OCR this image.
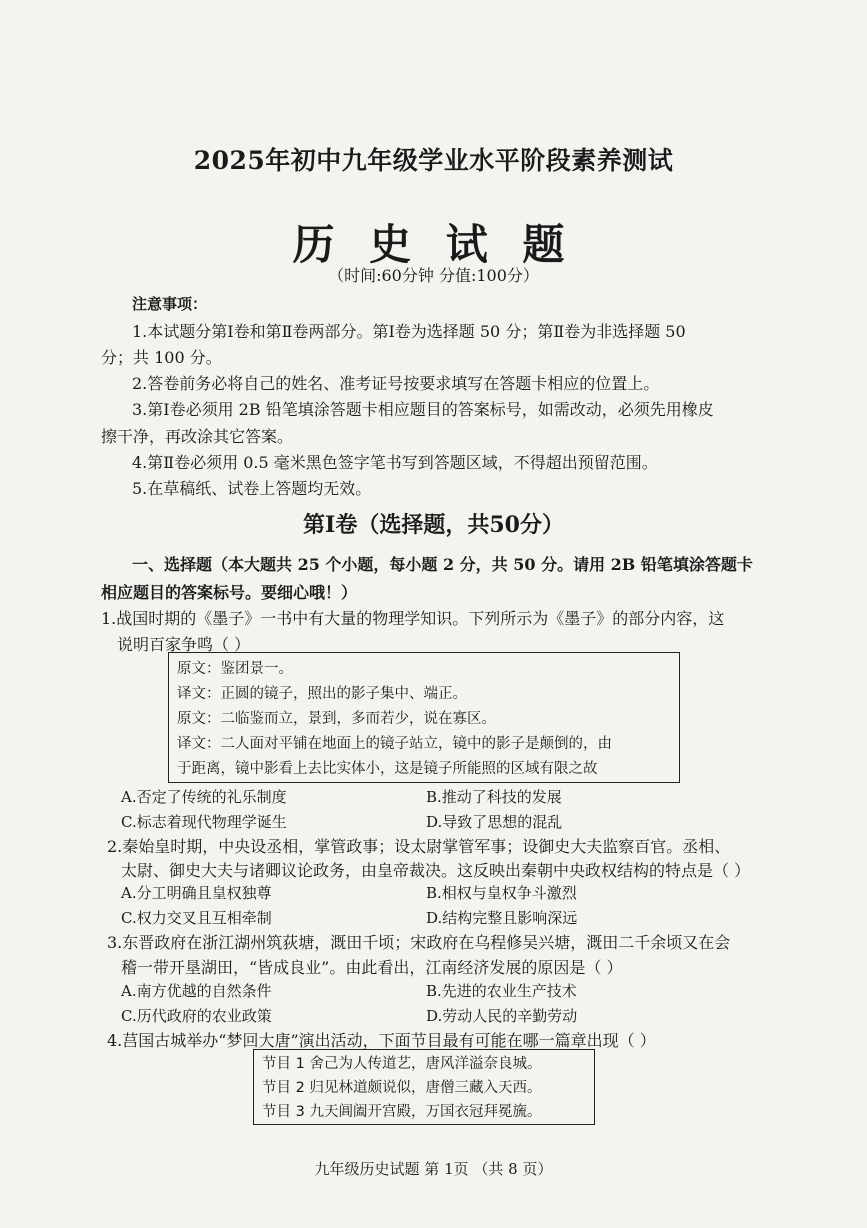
2025年初中九年级学业水平阶段素养测试
历 史 试 题
（时间:60分钟 分值:100分）
注意事项：
1.本试题分第Ⅰ卷和第Ⅱ卷两部分。第Ⅰ卷为选择题 50 分；第Ⅱ卷为非选择题 50
分；共 100 分。
2.答卷前务必将自己的姓名、准考证号按要求填写在答题卡相应的位置上。
3.第Ⅰ卷必须用 2B 铅笔填涂答题卡相应题目的答案标号，如需改动，必须先用橡皮
擦干净，再改涂其它答案。
4.第Ⅱ卷必须用 0.5 毫米黑色签字笔书写到答题区域，不得超出预留范围。
5.在草稿纸、试卷上答题均无效。
第Ⅰ卷（选择题，共50分）
一、选择题（本大题共 25 个小题，每小题 2 分，共 50 分。请用 2B 铅笔填涂答题卡
相应题目的答案标号。要细心哦！）
1.战国时期的《墨子》一书中有大量的物理学知识。下列所示为《墨子》的部分内容，这
说明百家争鸣（ ）
原文：鉴团景一。
译文：正圆的镜子，照出的影子集中、端正。
原文：二临鉴而立，景到，多而若少，说在寡区。
译文：二人面对平铺在地面上的镜子站立，镜中的影子是颠倒的，由
于距离，镜中影看上去比实体小，这是镜子所能照的区域有限之故
A.否定了传统的礼乐制度	B.推动了科技的发展
C.标志着现代物理学诞生	D.导致了思想的混乱
2.秦始皇时期，中央设丞相，掌管政事；设太尉掌管军事；设御史大夫监察百官。丞相、
太尉、御史大夫与诸卿议论政务，由皇帝裁决。这反映出秦朝中央政权结构的特点是（ ）
A.分工明确且皇权独尊	B.相权与皇权争斗激烈
C.权力交叉且互相牵制	D.结构完整且影响深远
3.东晋政府在浙江湖州筑荻塘，溉田千顷；宋政府在乌程修吴兴塘，溉田二千余顷又在会
稽一带开垦湖田，“皆成良业”。由此看出，江南经济发展的原因是（ ）
A.南方优越的自然条件	B.先进的农业生产技术
C.历代政府的农业政策	D.劳动人民的辛勤劳动
4.莒国古城举办“梦回大唐”演出活动，下面节目最有可能在哪一篇章出现（ ）
节目 1 舍己为人传道艺，唐风洋溢奈良城。
节目 2 归见林道颇说似，唐僧三藏入天西。
节目 3 九天阊阖开宫殿，万国衣冠拜冕旒。
九年级历史试题 第 1页 （共 8 页）
